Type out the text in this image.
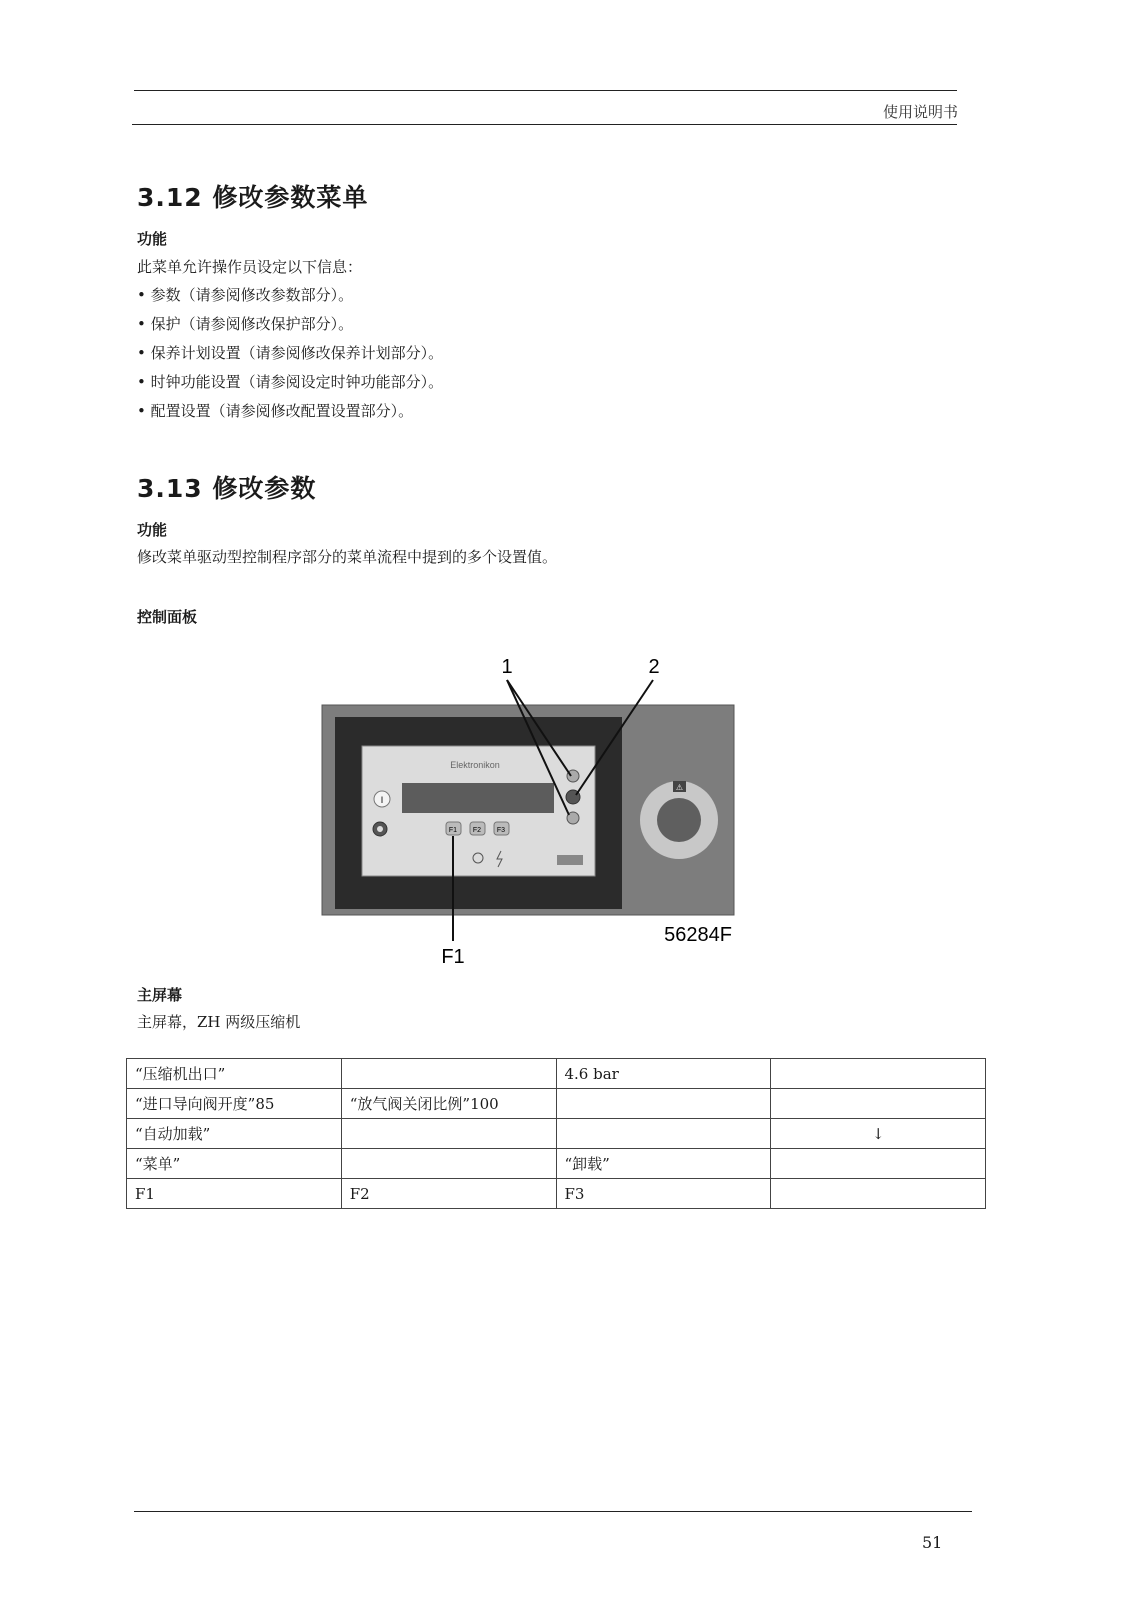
使用说明书
3.12 修改参数菜单
功能
此菜单允许操作员设定以下信息：
• 参数（请参阅修改参数部分）。
• 保护（请参阅修改保护部分）。
• 保养计划设置（请参阅修改保养计划部分）。
• 时钟功能设置（请参阅设定时钟功能部分）。
• 配置设置（请参阅修改配置设置部分）。
3.13 修改参数
功能
修改菜单驱动型控制程序部分的菜单流程中提到的多个设置值。
控制面板
Elektronikon
I
F1 F2 F3
⚠
1	2
F1
56284F
主屏幕
主屏幕，ZH 两级压缩机
“压缩机出口”		4.6 bar	
“进口导向阀开度”85	“放气阀关闭比例”100		
“自动加载”			↓
“菜单”		“卸载”	
F1	F2	F3	
51
